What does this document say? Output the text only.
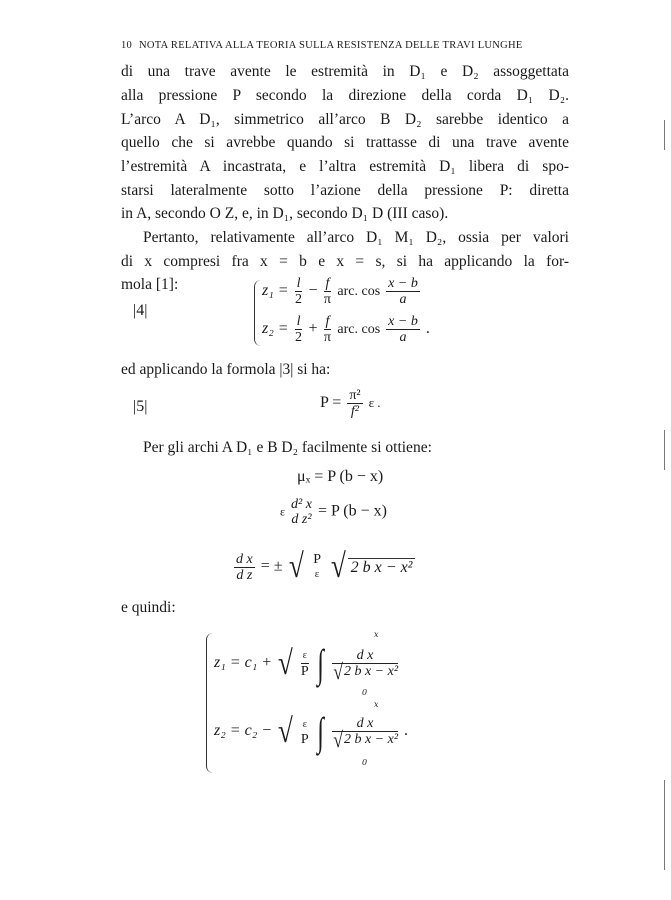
10 NOTA RELATIVA ALLA TEORIA SULLA RESISTENZA DELLE TRAVI LUNGHE
di una trave avente le estremità in D₁ e D₂ assoggettata
alla pressione P secondo la direzione della corda D₁ D₂.
L’arco A D₁, simmetrico all’arco B D₂ sarebbe identico a
quello che si avrebbe quando si trattasse di una trave avente
l’estremità A incastrata, e l’altra estremità D₁ libera di spo-
starsi lateralmente sotto l’azione della pressione P: diretta
in A, secondo O Z, e, in D₁, secondo D₁ D (III caso).
Pertanto, relativamente all’arco D₁ M₁ D₂, ossia per valori
di x compresi fra x = b e x = s, si ha applicando la for-
mola [1]:
|4|
$z_1 = \frac{l}{2} - \frac{f}{\pi}$ arc. $\cos \frac{x - b}{a}$
$z_2 = \frac{l}{2} + \frac{f}{\pi}$ arc. $\cos \frac{x - b}{a}$ .
ed applicando la formola |3| si ha:
|5|	$P = \frac{\text{π²}}{\text{f²}}$ ε .
Per gli archi A D₁ e B D₂ facilmente si ottiene:
μₓ = P (b − x)
ε d² x
d z² = P (b − x)
$\frac{\text{d x}}{\text{d z}}$ = ± √ P
ε √ 2 b x − x²
e quindi:
z₁ = c₁ + √ $\frac{\varepsilon}{P}$ ∫ $\frac{\text{d x}}{\text{√2 b x − x²}}$
x
0
z₂ = c₂ − √ ε
P ∫ $\frac{\text{d x}}{\text{√2 b x − x²}}$ .
x
0
